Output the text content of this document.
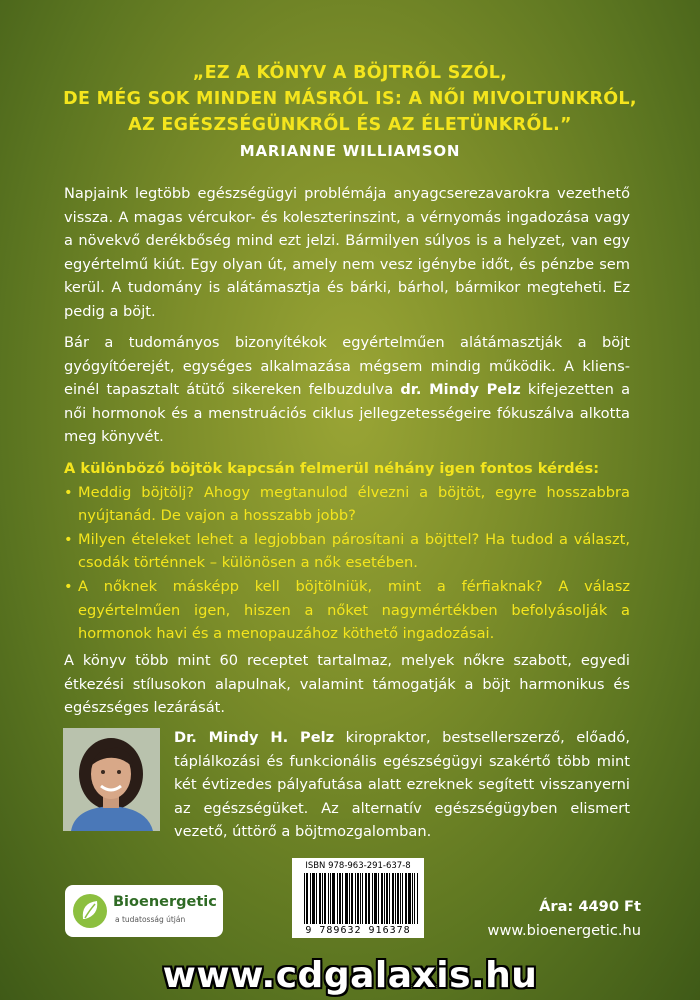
„EZ A KÖNYV A BÖJTRŐL SZÓL,
DE MÉG SOK MINDEN MÁSRÓL IS: A NŐI MIVOLTUNKRÓL,
AZ EGÉSZSÉGÜNKRŐL ÉS AZ ÉLETÜNKRŐL.”
MARIANNE WILLIAMSON
Napjaink legtöbb egészségügyi problémája anyagcserezavarokra vezethető vissza. A magas vércukor- és koleszterinszint, a vérnyomás ingadozása vagy a növekvő derékbőség mind ezt jelzi. Bármilyen súlyos is a helyzet, van egy egyértelmű kiút. Egy olyan út, amely nem vesz igénybe időt, és pénzbe sem kerül. A tudomány is alátámasztja és bárki, bárhol, bármikor megteheti. Ez pedig a böjt.
Bár a tudományos bizonyítékok egyértelműen alátámasztják a böjt gyógyítóerejét, egységes alkalmazása mégsem mindig működik. A klienseinél tapasztalt átütő sikereken felbuzdulva dr. Mindy Pelz kifejezetten a női hormonok és a menstruációs ciklus jellegzetességeire fókuszálva alkotta meg könyvét.
A különböző böjtök kapcsán felmerül néhány igen fontos kérdés:
• Meddig böjtölj? Ahogy megtanulod élvezni a böjtöt, egyre hosszabbra nyújtanád. De vajon a hosszabb jobb?
• Milyen ételeket lehet a legjobban párosítani a böjttel? Ha tudod a választ, csodák történnek – különösen a nők esetében.
• A nőknek másképp kell böjtölniük, mint a férfiaknak? A válasz egyértelműen igen, hiszen a nőket nagymértékben befolyásolják a hormonok havi és a menopauzához köthető ingadozásai.
A könyv több mint 60 receptet tartalmaz, melyek nőkre szabott, egyedi étkezési stílusokon alapulnak, valamint támogatják a böjt harmonikus és egészséges lezárását.
Dr. Mindy H. Pelz kiropraktor, bestsellerszerző, előadó, táplálkozási és funkcionális egészségügyi szakértő több mint két évtizedes pályafutása alatt ezreknek segített visszanyerni az egészségüket. Az alternatív egészségügyben elismert vezető, úttörő a böjtmozgalomban.
ISBN 978-963-291-637-8
9 789632 916378
Bioenergetic
a tudatosság útján
Ára: 4490 Ft
www.bioenergetic.hu
www.cdgalaxis.hu
